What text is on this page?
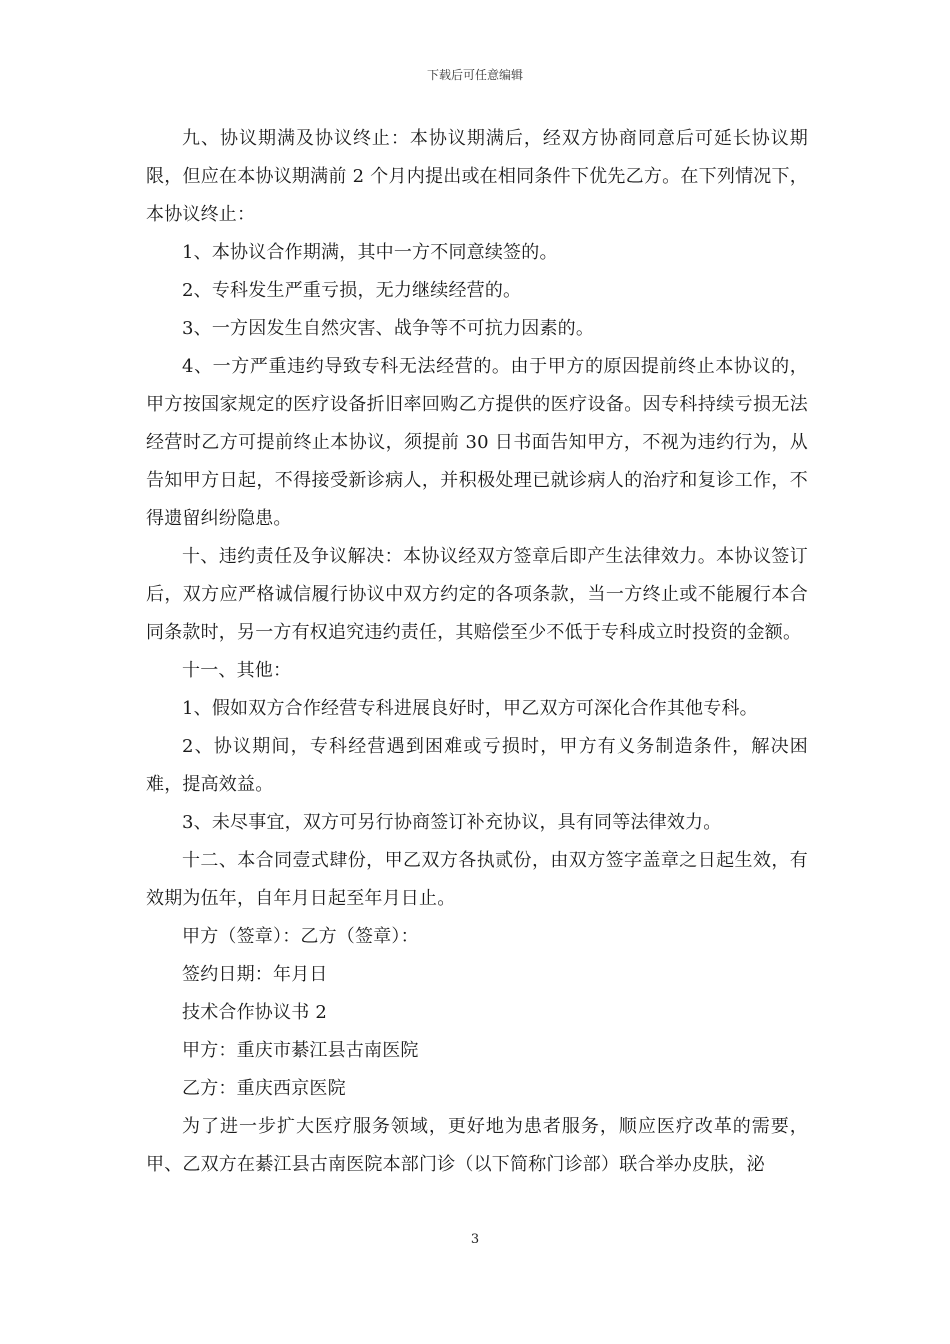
下载后可任意编辑

九、协议期满及协议终止：本协议期满后，经双方协商同意后可延长协议期限，但应在本协议期满前 2 个月内提出或在相同条件下优先乙方。在下列情况下，本协议终止：

1、本协议合作期满，其中一方不同意续签的。

2、专科发生严重亏损，无力继续经营的。

3、一方因发生自然灾害、战争等不可抗力因素的。

4、一方严重违约导致专科无法经营的。由于甲方的原因提前终止本协议的，甲方按国家规定的医疗设备折旧率回购乙方提供的医疗设备。因专科持续亏损无法经营时乙方可提前终止本协议，须提前 30 日书面告知甲方，不视为违约行为，从告知甲方日起，不得接受新诊病人，并积极处理已就诊病人的治疗和复诊工作，不得遗留纠纷隐患。

十、违约责任及争议解决：本协议经双方签章后即产生法律效力。本协议签订后，双方应严格诚信履行协议中双方约定的各项条款，当一方终止或不能履行本合同条款时，另一方有权追究违约责任，其赔偿至少不低于专科成立时投资的金额。

十一、其他：

1、假如双方合作经营专科进展良好时，甲乙双方可深化合作其他专科。

2、协议期间，专科经营遇到困难或亏损时，甲方有义务制造条件，解决困难，提高效益。

3、未尽事宜，双方可另行协商签订补充协议，具有同等法律效力。

十二、本合同壹式肆份，甲乙双方各执贰份，由双方签字盖章之日起生效，有效期为伍年，自年月日起至年月日止。

甲方（签章）：乙方（签章）：

签约日期：年月日

技术合作协议书 2

甲方：重庆市綦江县古南医院

乙方：重庆西京医院

为了进一步扩大医疗服务领域，更好地为患者服务，顺应医疗改革的需要，甲、乙双方在綦江县古南医院本部门诊（以下简称门诊部）联合举办皮肤，泌

3
